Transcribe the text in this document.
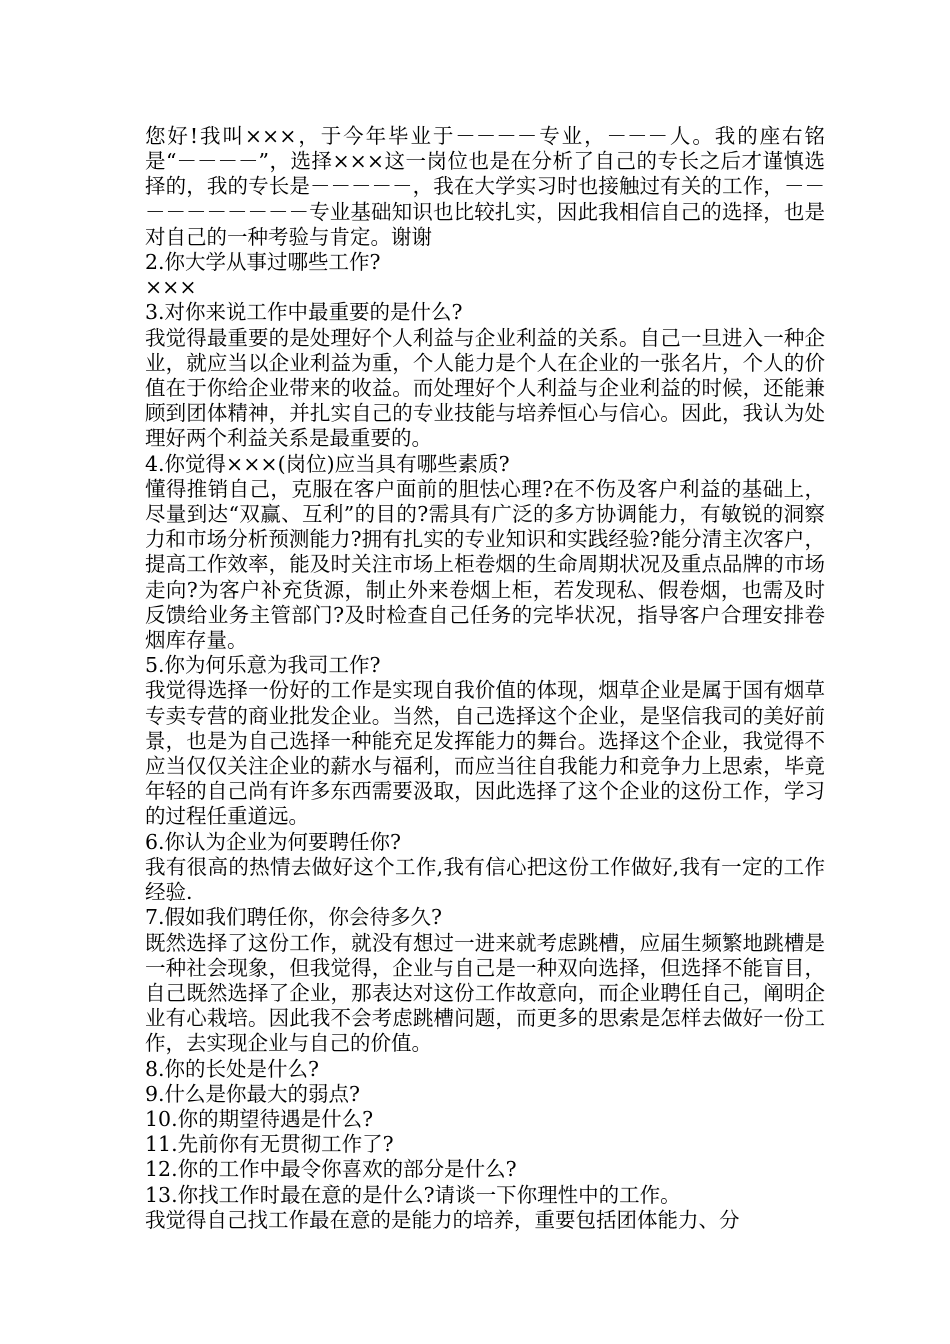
您好!我叫×××，于今年毕业于－－－－专业，－－－人。我的座右铭是“－－－－”，选择×××这一岗位也是在分析了自己的专长之后才谨慎选择的，我的专长是－－－－－，我在大学实习时也接触过有关的工作，－－－－－－－－－－专业基础知识也比较扎实，因此我相信自己的选择，也是对自己的一种考验与肯定。谢谢

2.你大学从事过哪些工作?

×××

3.对你来说工作中最重要的是什么?

我觉得最重要的是处理好个人利益与企业利益的关系。自己一旦进入一种企业，就应当以企业利益为重，个人能力是个人在企业的一张名片，个人的价值在于你给企业带来的收益。而处理好个人利益与企业利益的时候，还能兼顾到团体精神，并扎实自己的专业技能与培养恒心与信心。因此，我认为处理好两个利益关系是最重要的。

4.你觉得×××(岗位)应当具有哪些素质?

懂得推销自己，克服在客户面前的胆怯心理?在不伤及客户利益的基础上，尽量到达“双赢、互利”的目的?需具有广泛的多方协调能力，有敏锐的洞察力和市场分析预测能力?拥有扎实的专业知识和实践经验?能分清主次客户，提高工作效率，能及时关注市场上柜卷烟的生命周期状况及重点品牌的市场走向?为客户补充货源，制止外来卷烟上柜，若发现私、假卷烟，也需及时反馈给业务主管部门?及时检查自己任务的完毕状况，指导客户合理安排卷烟库存量。

5.你为何乐意为我司工作?

我觉得选择一份好的工作是实现自我价值的体现，烟草企业是属于国有烟草专卖专营的商业批发企业。当然，自己选择这个企业，是坚信我司的美好前景，也是为自己选择一种能充足发挥能力的舞台。选择这个企业，我觉得不应当仅仅关注企业的薪水与福利，而应当往自我能力和竞争力上思索，毕竟年轻的自己尚有许多东西需要汲取，因此选择了这个企业的这份工作，学习的过程任重道远。

6.你认为企业为何要聘任你?

我有很高的热情去做好这个工作,我有信心把这份工作做好,我有一定的工作经验.

7.假如我们聘任你，你会待多久?

既然选择了这份工作，就没有想过一进来就考虑跳槽，应届生频繁地跳槽是一种社会现象，但我觉得，企业与自己是一种双向选择，但选择不能盲目，自己既然选择了企业，那表达对这份工作故意向，而企业聘任自己，阐明企业有心栽培。因此我不会考虑跳槽问题，而更多的思索是怎样去做好一份工作，去实现企业与自己的价值。

8.你的长处是什么?

9.什么是你最大的弱点?

10.你的期望待遇是什么?

11.先前你有无贯彻工作了?

12.你的工作中最令你喜欢的部分是什么?

13.你找工作时最在意的是什么?请谈一下你理性中的工作。

我觉得自己找工作最在意的是能力的培养，重要包括团体能力、分
